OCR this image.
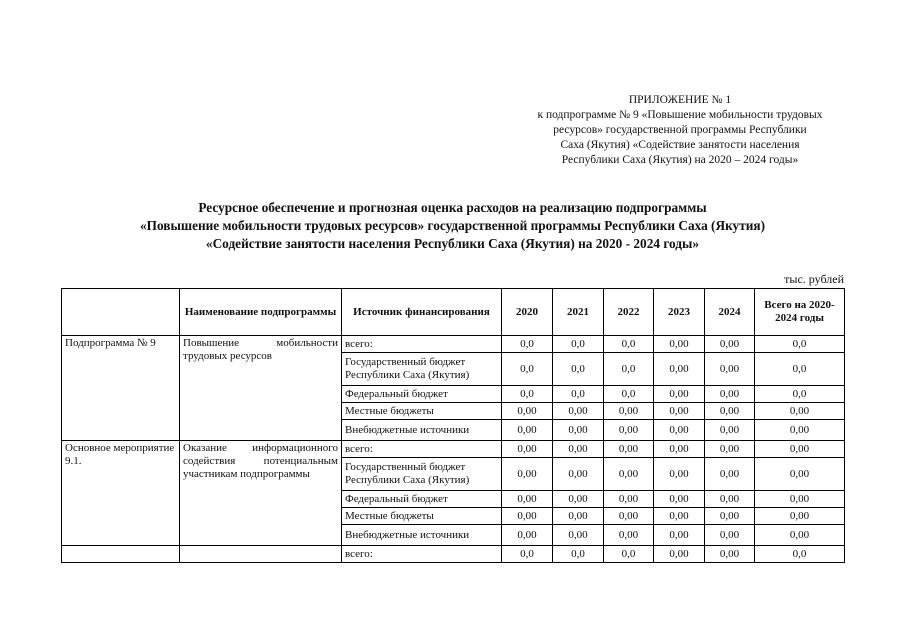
ПРИЛОЖЕНИЕ № 1
к подпрограмме № 9 «Повышение мобильности трудовых
ресурсов» государственной программы Республики
Саха (Якутия) «Содействие занятости населения
Республики Саха (Якутия) на 2020 – 2024 годы»
Ресурсное обеспечение и прогнозная оценка расходов на реализацию подпрограммы
«Повышение мобильности трудовых ресурсов» государственной программы Республики Саха (Якутия)
«Содействие занятости населения Республики Саха (Якутия) на 2020 - 2024 годы»
тыс. рублей
	Наименование подпрограммы	Источник финансирования	2020	2021	2022	2023	2024	Всего на 2020-2024 годы
Подпрограмма № 9	Повышение мобильности трудовых ресурсов	всего:	0,0	0,0	0,0	0,00	0,00	0,0
		Государственный бюджет Республики Саха (Якутия)	0,0	0,0	0,0	0,00	0,00	0,0
		Федеральный бюджет	0,0	0,0	0,0	0,00	0,00	0,0
		Местные бюджеты	0,00	0,00	0,00	0,00	0,00	0,00
		Внебюджетные источники	0,00	0,00	0,00	0,00	0,00	0,00
Основное мероприятие 9.1.	Оказание информационного содействия потенциальным участникам подпрограммы	всего:	0,00	0,00	0,00	0,00	0,00	0,00
		Государственный бюджет Республики Саха (Якутия)	0,00	0,00	0,00	0,00	0,00	0,00
		Федеральный бюджет	0,00	0,00	0,00	0,00	0,00	0,00
		Местные бюджеты	0,00	0,00	0,00	0,00	0,00	0,00
		Внебюджетные источники	0,00	0,00	0,00	0,00	0,00	0,00
		всего:	0,0	0,0	0,0	0,00	0,00	0,0
